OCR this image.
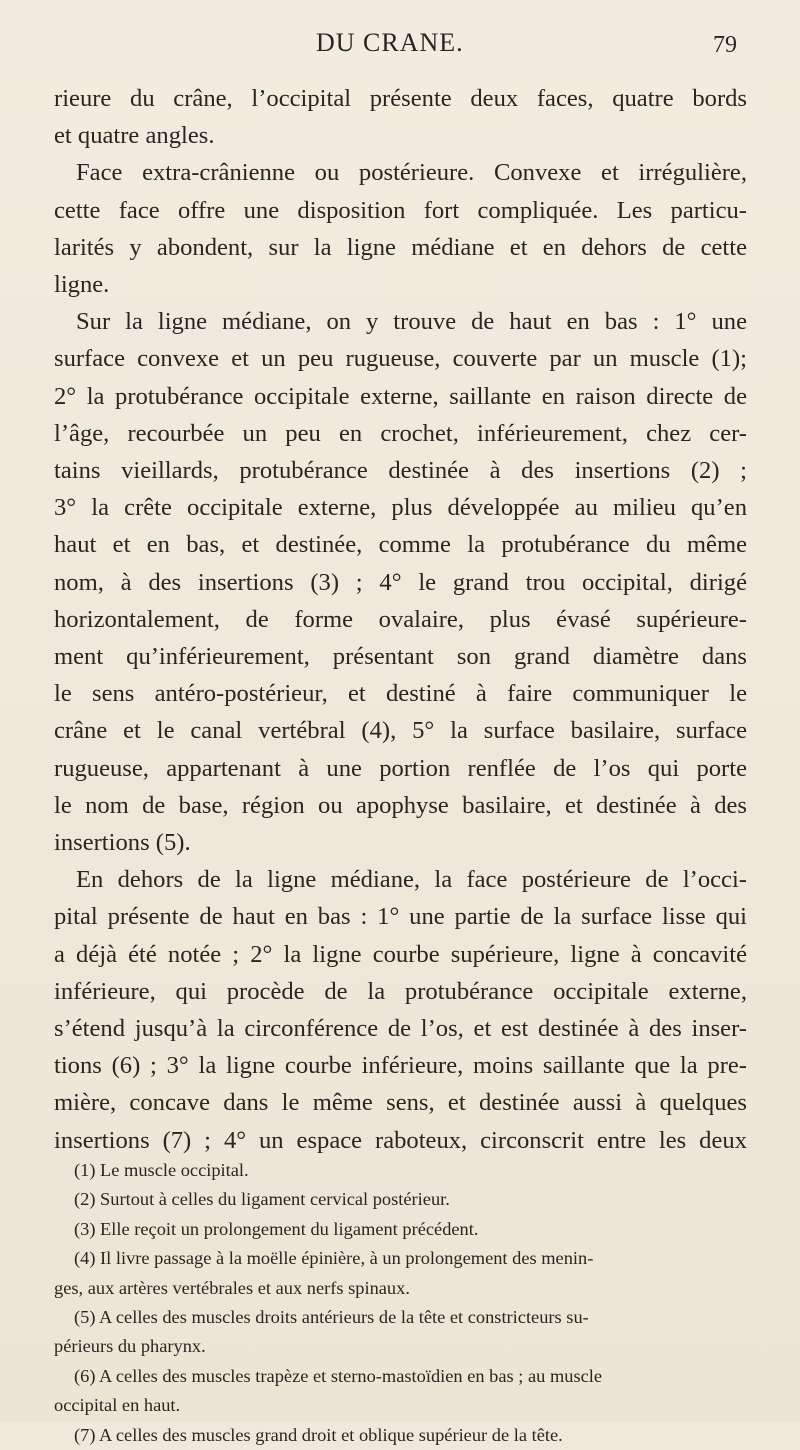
DU CRANE.	79
rieure du crâne, l’occipital présente deux faces, quatre bords
et quatre angles.
Face extra-crânienne ou postérieure. Convexe et irrégulière,
cette face offre une disposition fort compliquée. Les particu-
larités y abondent, sur la ligne médiane et en dehors de cette
ligne.
Sur la ligne médiane, on y trouve de haut en bas : 1° une
surface convexe et un peu rugueuse, couverte par un muscle (1);
2° la protubérance occipitale externe, saillante en raison directe de
l’âge, recourbée un peu en crochet, inférieurement, chez cer-
tains vieillards, protubérance destinée à des insertions (2) ;
3° la crête occipitale externe, plus développée au milieu qu’en
haut et en bas, et destinée, comme la protubérance du même
nom, à des insertions (3) ; 4° le grand trou occipital, dirigé
horizontalement, de forme ovalaire, plus évasé supérieure-
ment qu’inférieurement, présentant son grand diamètre dans
le sens antéro-postérieur, et destiné à faire communiquer le
crâne et le canal vertébral (4), 5° la surface basilaire, surface
rugueuse, appartenant à une portion renflée de l’os qui porte
le nom de base, région ou apophyse basilaire, et destinée à des
insertions (5).
En dehors de la ligne médiane, la face postérieure de l’occi-
pital présente de haut en bas : 1° une partie de la surface lisse qui
a déjà été notée ; 2° la ligne courbe supérieure, ligne à concavité
inférieure, qui procède de la protubérance occipitale externe,
s’étend jusqu’à la circonférence de l’os, et est destinée à des inser-
tions (6) ; 3° la ligne courbe inférieure, moins saillante que la pre-
mière, concave dans le même sens, et destinée aussi à quelques
insertions (7) ; 4° un espace raboteux, circonscrit entre les deux
(1) Le muscle occipital.
(2) Surtout à celles du ligament cervical postérieur.
(3) Elle reçoit un prolongement du ligament précédent.
(4) Il livre passage à la moëlle épinière, à un prolongement des menin-
ges, aux artères vertébrales et aux nerfs spinaux.
(5) A celles des muscles droits antérieurs de la tête et constricteurs su-
périeurs du pharynx.
(6) A celles des muscles trapèze et sterno-mastoïdien en bas ; au muscle
occipital en haut.
(7) A celles des muscles grand droit et oblique supérieur de la tête.
